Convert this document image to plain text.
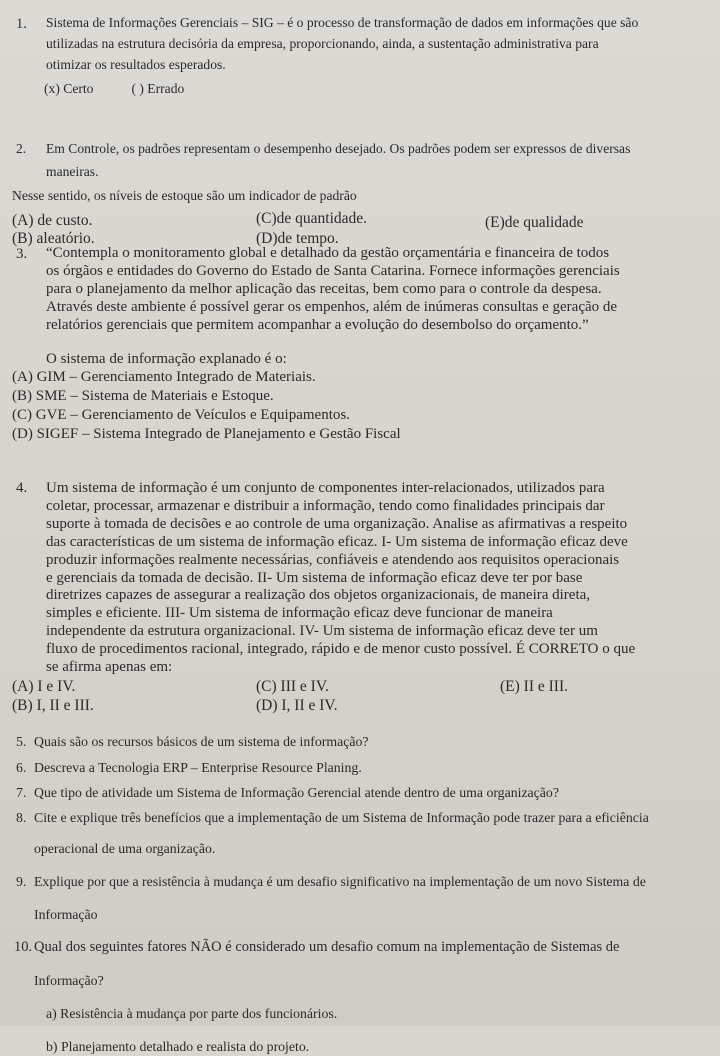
1.	Sistema de Informações Gerenciais – SIG – é o processo de transformação de dados em informações que são

utilizadas na estrutura decisória da empresa, proporcionando, ainda, a sustentação administrativa para

otimizar os resultados esperados.

(x) Certo	( ) Errado
2.	Em Controle, os padrões representam o desempenho desejado. Os padrões podem ser expressos de diversas

maneiras.

Nesse sentido, os níveis de estoque são um indicador de padrão

(A) de custo.
(B) aleatório.
(C)de quantidade.
(D)de tempo.
(E)de qualidade
3.	“Contempla o monitoramento global e detalhado da gestão orçamentária e financeira de todos

os órgãos e entidades do Governo do Estado de Santa Catarina. Fornece informações gerenciais

para o planejamento da melhor aplicação das receitas, bem como para o controle da despesa.

Através deste ambiente é possível gerar os empenhos, além de inúmeras consultas e geração de

relatórios gerenciais que permitem acompanhar a evolução do desembolso do orçamento.”

O sistema de informação explanado é o:

(A) GIM – Gerenciamento Integrado de Materiais.

(B) SME – Sistema de Materiais e Estoque.

(C) GVE – Gerenciamento de Veículos e Equipamentos.

(D) SIGEF – Sistema Integrado de Planejamento e Gestão Fiscal

4. Um sistema de informação é um conjunto de componentes inter-relacionados, utilizados para

coletar, processar, armazenar e distribuir a informação, tendo como finalidades principais dar

suporte à tomada de decisões e ao controle de uma organização. Analise as afirmativas a respeito

das características de um sistema de informação eficaz. I- Um sistema de informação eficaz deve

produzir informações realmente necessárias, confiáveis e atendendo aos requisitos operacionais

e gerenciais da tomada de decisão. II- Um sistema de informação eficaz deve ter por base

diretrizes capazes de assegurar a realização dos objetos organizacionais, de maneira direta,

simples e eficiente. III- Um sistema de informação eficaz deve funcionar de maneira

independente da estrutura organizacional. IV- Um sistema de informação eficaz deve ter um

fluxo de procedimentos racional, integrado, rápido e de menor custo possível. É CORRETO o que

se afirma apenas em:

(A) I e IV.
(B) I, II e III.
(C) III e IV.
(D) I, II e IV.
(E) II e III.
5. Quais são os recursos básicos de um sistema de informação?
6. Descreva a Tecnologia ERP – Enterprise Resource Planing.
7. Que tipo de atividade um Sistema de Informação Gerencial atende dentro de uma organização?
8. Cite e explique três benefícios que a implementação de um Sistema de Informação pode trazer para a eficiência
operacional de uma organização.
9. Explique por que a resistência à mudança é um desafio significativo na implementação de um novo Sistema de
Informação
10. Qual dos seguintes fatores NÃO é considerado um desafio comum na implementação de Sistemas de
Informação?
a) Resistência à mudança por parte dos funcionários.
b) Planejamento detalhado e realista do projeto.
